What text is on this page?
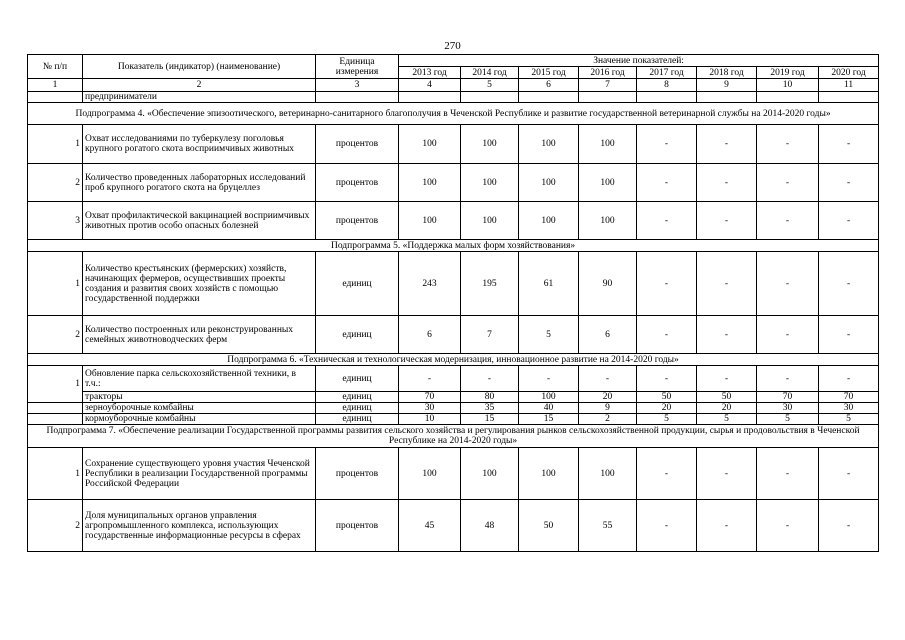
270
№ п/п	Показатель (индикатор) (наименование)	Единица измерения	Значение показателей:							
			2013 год	2014 год	2015 год	2016 год	2017 год	2018 год	2019 год	2020 год
1	2	3	4	5	6	7	8	9	10	11
	предприниматели									
Подпрограмма 4. «Обеспечение эпизоотического, ветеринарно-санитарного благополучия в Чеченской Республике и развитие государственной ветеринарной службы на 2014-2020 годы»										
1	Охват исследованиями по туберкулезу поголовья крупного рогатого скота восприимчивых животных	процентов	100	100	100	100	-	-	-	-
2	Количество проведенных лабораторных исследований проб крупного рогатого скота на бруцеллез	процентов	100	100	100	100	-	-	-	-
3	Охват профилактической вакцинацией восприимчивых животных против особо опасных болезней	процентов	100	100	100	100	-	-	-	-
Подпрограмма 5. «Поддержка малых форм хозяйствования»										
1	Количество крестьянских (фермерских) хозяйств, начинающих фермеров, осуществивших проекты создания и развития своих хозяйств с помощью государственной поддержки	единиц	243	195	61	90	-	-	-	-
2	Количество построенных или реконструированных семейных животноводческих ферм	единиц	6	7	5	6	-	-	-	-
Подпрограмма 6. «Техническая и технологическая модернизация, инновационное развитие на 2014-2020 годы»										
1	Обновление парка сельскохозяйственной техники, в т.ч.:	единиц	-	-	-	-	-	-	-	-
	тракторы	единиц	70	80	100	20	50	50	70	70
	зерноуборочные комбайны	единиц	30	35	40	9	20	20	30	30
	кормоуборочные комбайны	единиц	10	15	15	2	5	5	5	5
Подпрограмма 7. «Обеспечение реализации Государственной программы развития сельского хозяйства и регулирования рынков сельскохозяйственной продукции, сырья и продовольствия в Чеченской Республике на 2014-2020 годы»										
1	Сохранение существующего уровня участия Чеченской Республики в реализации Государственной программы Российской Федерации	процентов	100	100	100	100	-	-	-	-
2	Доля муниципальных органов управления агропромышленного комплекса, использующих государственные информационные ресурсы в сферах	процентов	45	48	50	55	-	-	-	-
